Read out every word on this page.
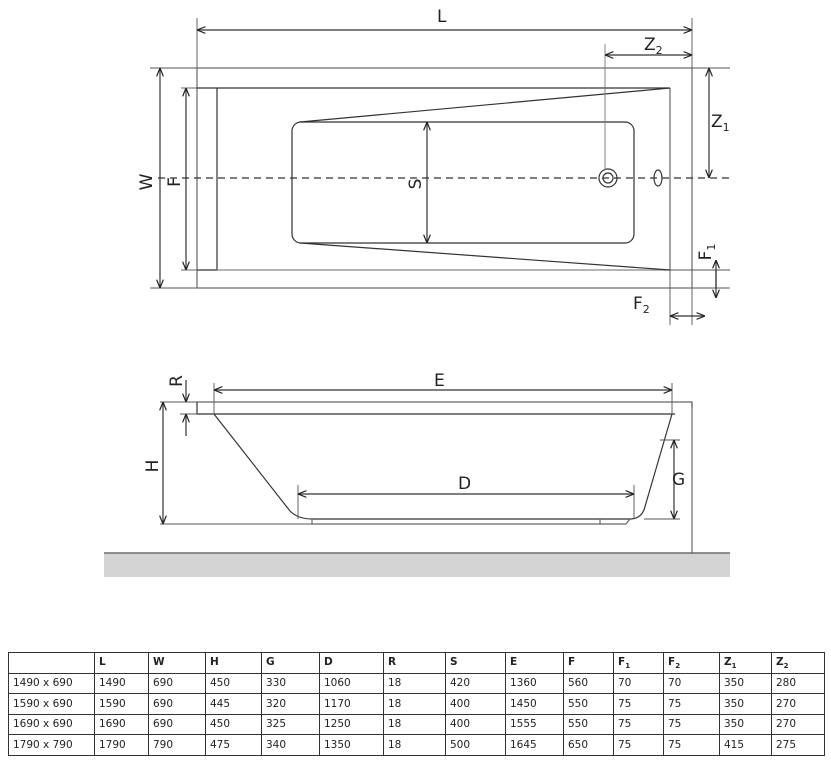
L
$Z_2$
$Z_1$
W F	S
$F_1$
$F_2$
E
D
H
R
G
	L	W	H	G	D	R	S	E	F	$F_1$	$F_2$	$Z_1$	$Z_2$
1490 x 690	1490	690	450	330	1060	18	420	1360	560	70	70	350	280
1590 x 690	1590	690	445	320	1170	18	400	1450	550	75	75	350	270
1690 x 690	1690	690	450	325	1250	18	400	1555	550	75	75	350	270
1790 x 790	1790	790	475	340	1350	18	500	1645	650	75	75	415	275
